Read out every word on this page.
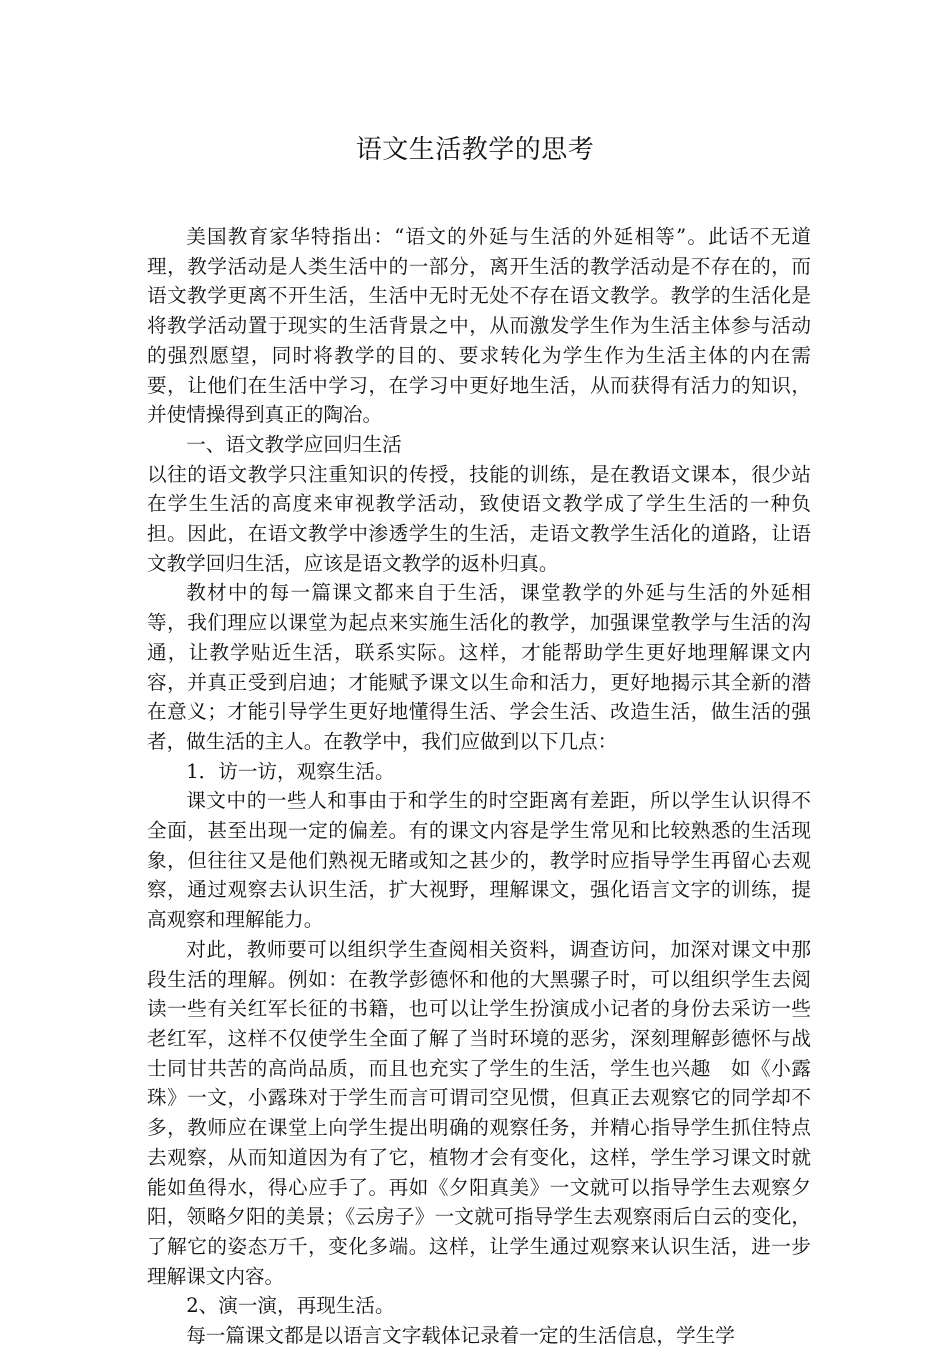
语文生活教学的思考

美国教育家华特指出：“语文的外延与生活的外延相等”。此话不无道理，教学活动是人类生活中的一部分，离开生活的教学活动是不存在的，而语文教学更离不开生活，生活中无时无处不存在语文教学。教学的生活化是将教学活动置于现实的生活背景之中，从而激发学生作为生活主体参与活动的强烈愿望，同时将教学的目的、要求转化为学生作为生活主体的内在需要，让他们在生活中学习，在学习中更好地生活，从而获得有活力的知识，并使情操得到真正的陶冶。

一、语文教学应回归生活

以往的语文教学只注重知识的传授，技能的训练，是在教语文课本，很少站在学生生活的高度来审视教学活动，致使语文教学成了学生生活的一种负担。因此，在语文教学中渗透学生的生活，走语文教学生活化的道路，让语文教学回归生活，应该是语文教学的返朴归真。

教材中的每一篇课文都来自于生活，课堂教学的外延与生活的外延相等，我们理应以课堂为起点来实施生活化的教学，加强课堂教学与生活的沟通，让教学贴近生活，联系实际。这样，才能帮助学生更好地理解课文内容，并真正受到启迪；才能赋予课文以生命和活力，更好地揭示其全新的潜在意义；才能引导学生更好地懂得生活、学会生活、改造生活，做生活的强者，做生活的主人。在教学中，我们应做到以下几点：

1．访一访，观察生活。

课文中的一些人和事由于和学生的时空距离有差距，所以学生认识得不全面，甚至出现一定的偏差。有的课文内容是学生常见和比较熟悉的生活现象，但往往又是他们熟视无睹或知之甚少的，教学时应指导学生再留心去观察，通过观察去认识生活，扩大视野，理解课文，强化语言文字的训练，提高观察和理解能力。

对此，教师要可以组织学生查阅相关资料，调查访问，加深对课文中那段生活的理解。例如：在教学彭德怀和他的大黑骡子时，可以组织学生去阅读一些有关红军长征的书籍，也可以让学生扮演成小记者的身份去采访一些老红军，这样不仅使学生全面了解了当时环境的恶劣，深刻理解彭德怀与战士同甘共苦的高尚品质，而且也充实了学生的生活，学生也兴趣　如《小露珠》一文，小露珠对于学生而言可谓司空见惯，但真正去观察它的同学却不多，教师应在课堂上向学生提出明确的观察任务，并精心指导学生抓住特点去观察，从而知道因为有了它，植物才会有变化，这样，学生学习课文时就能如鱼得水，得心应手了。再如《夕阳真美》一文就可以指导学生去观察夕阳，领略夕阳的美景；《云房子》一文就可指导学生去观察雨后白云的变化，了解它的姿态万千，变化多端。这样，让学生通过观察来认识生活，进一步理解课文内容。

2、演一演，再现生活。

每一篇课文都是以语言文字载体记录着一定的生活信息，学生学
